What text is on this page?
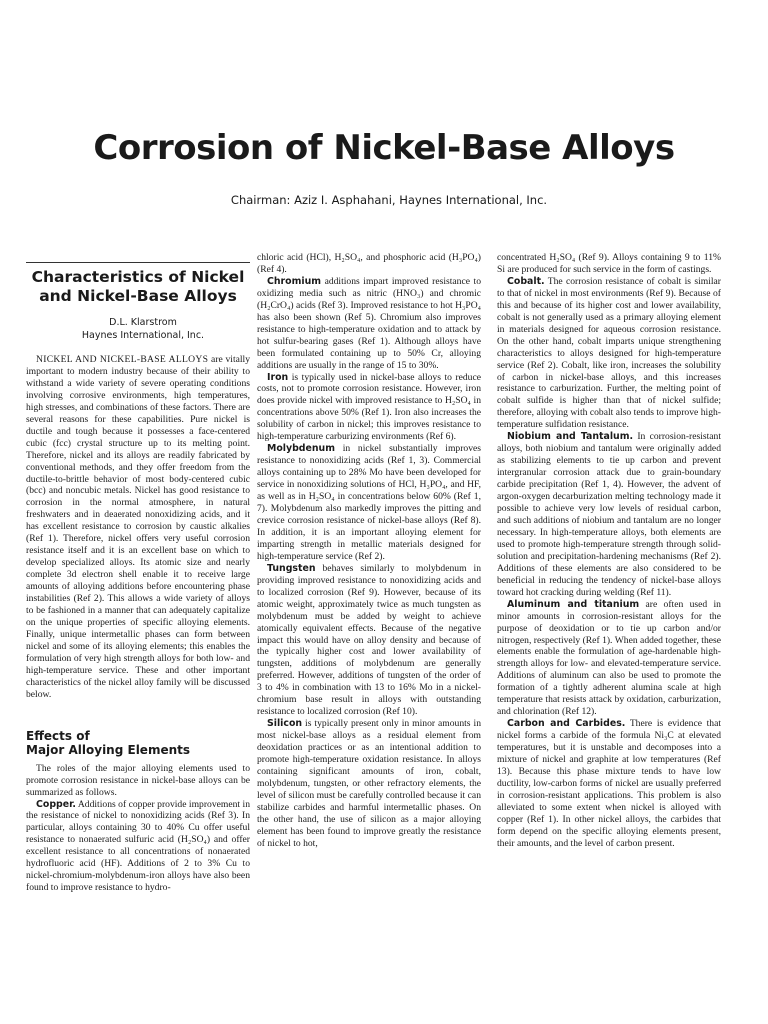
Corrosion of Nickel-Base Alloys

Chairman: Aziz I. Asphahani, Haynes International, Inc.

Characteristics of Nickel
and Nickel-Base Alloys

D.L. Klarstrom

Haynes International, Inc.

NICKEL AND NICKEL-BASE ALLOYS are vitally important to modern industry because of their ability to withstand a wide variety of severe operating conditions involving corrosive environments, high temperatures, high stresses, and combinations of these factors. There are several reasons for these capabilities. Pure nickel is ductile and tough because it possesses a face-centered cubic (fcc) crystal structure up to its melting point. Therefore, nickel and its alloys are readily fabricated by conventional methods, and they offer freedom from the ductile-to-brittle behavior of most body-centered cubic (bcc) and noncubic metals. Nickel has good resistance to corrosion in the normal atmosphere, in natural freshwaters and in deaerated nonoxidizing acids, and it has excellent resistance to corrosion by caustic alkalies (Ref 1). Therefore, nickel offers very useful corrosion resistance itself and it is an excellent base on which to develop specialized alloys. Its atomic size and nearly complete 3d electron shell enable it to receive large amounts of alloying additions before encountering phase instabilities (Ref 2). This allows a wide variety of alloys to be fashioned in a manner that can adequately capitalize on the unique properties of specific alloying elements. Finally, unique intermetallic phases can form between nickel and some of its alloying elements; this enables the formulation of very high strength alloys for both low- and high-temperature service. These and other important characteristics of the nickel alloy family will be discussed below.

Effects of
Major Alloying Elements

The roles of the major alloying elements used to promote corrosion resistance in nickel-base alloys can be summarized as follows.

Copper. Additions of copper provide improvement in the resistance of nickel to nonoxidizing acids (Ref 3). In particular, alloys containing 30 to 40% Cu offer useful resistance to nonaerated sulfuric acid (H₂SO₄) and offer excellent resistance to all concentrations of nonaerated hydrofluoric acid (HF). Additions of 2 to 3% Cu to nickel-chromium-molybdenum-iron alloys have also been found to improve resistance to hydro-

chloric acid (HCl), H₂SO₄, and phosphoric acid (H₃PO₄) (Ref 4).

Chromium additions impart improved resistance to oxidizing media such as nitric (HNO₃) and chromic (H₂CrO₄) acids (Ref 3). Improved resistance to hot H₃PO₄ has also been shown (Ref 5). Chromium also improves resistance to high-temperature oxidation and to attack by hot sulfur-bearing gases (Ref 1). Although alloys have been formulated containing up to 50% Cr, alloying additions are usually in the range of 15 to 30%.

Iron is typically used in nickel-base alloys to reduce costs, not to promote corrosion resistance. However, iron does provide nickel with improved resistance to H₂SO₄ in concentrations above 50% (Ref 1). Iron also increases the solubility of carbon in nickel; this improves resistance to high-temperature carburizing environments (Ref 6).

Molybdenum in nickel substantially improves resistance to nonoxidizing acids (Ref 1, 3). Commercial alloys containing up to 28% Mo have been developed for service in nonoxidizing solutions of HCl, H₃PO₄, and HF, as well as in H₂SO₄ in concentrations below 60% (Ref 1, 7). Molybdenum also markedly improves the pitting and crevice corrosion resistance of nickel-base alloys (Ref 8). In addition, it is an important alloying element for imparting strength in metallic materials designed for high-temperature service (Ref 2).

Tungsten behaves similarly to molybdenum in providing improved resistance to nonoxidizing acids and to localized corrosion (Ref 9). However, because of its atomic weight, approximately twice as much tungsten as molybdenum must be added by weight to achieve atomically equivalent effects. Because of the negative impact this would have on alloy density and because of the typically higher cost and lower availability of tungsten, additions of molybdenum are generally preferred. However, additions of tungsten of the order of 3 to 4% in combination with 13 to 16% Mo in a nickel-chromium base result in alloys with outstanding resistance to localized corrosion (Ref 10).

Silicon is typically present only in minor amounts in most nickel-base alloys as a residual element from deoxidation practices or as an intentional addition to promote high-temperature oxidation resistance. In alloys containing significant amounts of iron, cobalt, molybdenum, tungsten, or other refractory elements, the level of silicon must be carefully controlled because it can stabilize carbides and harmful intermetallic phases. On the other hand, the use of silicon as a major alloying element has been found to improve greatly the resistance of nickel to hot,

concentrated H₂SO₄ (Ref 9). Alloys containing 9 to 11% Si are produced for such service in the form of castings.

Cobalt. The corrosion resistance of cobalt is similar to that of nickel in most environments (Ref 9). Because of this and because of its higher cost and lower availability, cobalt is not generally used as a primary alloying element in materials designed for aqueous corrosion resistance. On the other hand, cobalt imparts unique strengthening characteristics to alloys designed for high-temperature service (Ref 2). Cobalt, like iron, increases the solubility of carbon in nickel-base alloys, and this increases resistance to carburization. Further, the melting point of cobalt sulfide is higher than that of nickel sulfide; therefore, alloying with cobalt also tends to improve high-temperature sulfidation resistance.

Niobium and Tantalum. In corrosion-resistant alloys, both niobium and tantalum were originally added as stabilizing elements to tie up carbon and prevent intergranular corrosion attack due to grain-boundary carbide precipitation (Ref 1, 4). However, the advent of argon-oxygen decarburization melting technology made it possible to achieve very low levels of residual carbon, and such additions of niobium and tantalum are no longer necessary. In high-temperature alloys, both elements are used to promote high-temperature strength through solid-solution and precipitation-hardening mechanisms (Ref 2). Additions of these elements are also considered to be beneficial in reducing the tendency of nickel-base alloys toward hot cracking during welding (Ref 11).

Aluminum and titanium are often used in minor amounts in corrosion-resistant alloys for the purpose of deoxidation or to tie up carbon and/or nitrogen, respectively (Ref 1). When added together, these elements enable the formulation of age-hardenable high-strength alloys for low- and elevated-temperature service. Additions of aluminum can also be used to promote the formation of a tightly adherent alumina scale at high temperature that resists attack by oxidation, carburization, and chlorination (Ref 12).

Carbon and Carbides. There is evidence that nickel forms a carbide of the formula Ni₃C at elevated temperatures, but it is unstable and decomposes into a mixture of nickel and graphite at low temperatures (Ref 13). Because this phase mixture tends to have low ductility, low-carbon forms of nickel are usually preferred in corrosion-resistant applications. This problem is also alleviated to some extent when nickel is alloyed with copper (Ref 1). In other nickel alloys, the carbides that form depend on the specific alloying elements present, their amounts, and the level of carbon present.
